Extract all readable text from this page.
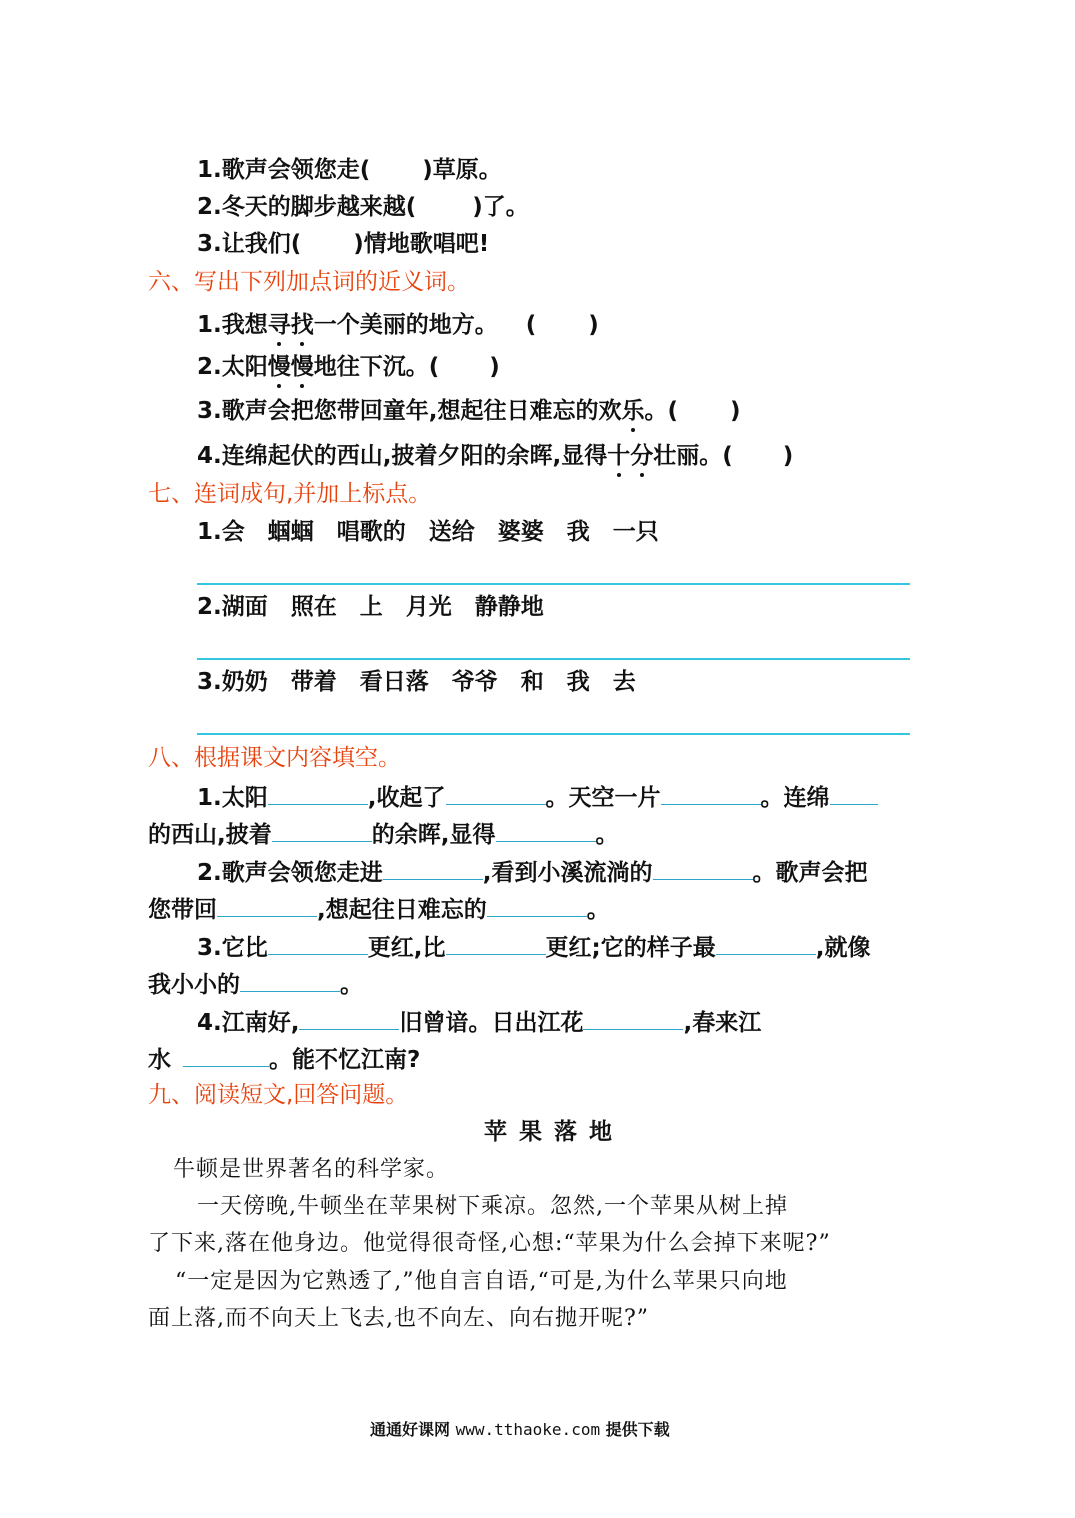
1.歌声会领您走( )草原。
2.冬天的脚步越来越( )了。
3.让我们( )情地歌唱吧!
六、写出下列加点词的近义词。
1.我想寻找一个美丽的地方。 ( )
2.太阳慢慢地往下沉。( )
3.歌声会把您带回童年,想起往日难忘的欢乐。( )
4.连绵起伏的西山,披着夕阳的余晖,显得十分壮丽。( )
七、连词成句,并加上标点。
1.会　蝈蝈　唱歌的　送给　婆婆　我　一只
2.湖面　照在　上　月光　静静地
3.奶奶　带着　看日落　爷爷　和　我　去
八、根据课文内容填空。
1.太阳	,收起了	。天空一片	。连绵
的西山,披着	的余晖,显得	。
2.歌声会领您走进	,看到小溪流淌的	。歌声会把
您带回	,想起往日难忘的	。
3.它比	更红,比	更红;它的样子最	,就像
我小小的	。
4.江南好,	旧曾谙。日出江花	,春来江
水	。能不忆江南?
九、阅读短文,回答问题。
苹果落地
牛顿是世界著名的科学家。
一天傍晚,牛顿坐在苹果树下乘凉。忽然,一个苹果从树上掉
了下来,落在他身边。他觉得很奇怪,心想:“苹果为什么会掉下来呢?”
“一定是因为它熟透了,”他自言自语,“可是,为什么苹果只向地
面上落,而不向天上飞去,也不向左、向右抛开呢?”
通通好课网 www.tthaoke.com 提供下载
